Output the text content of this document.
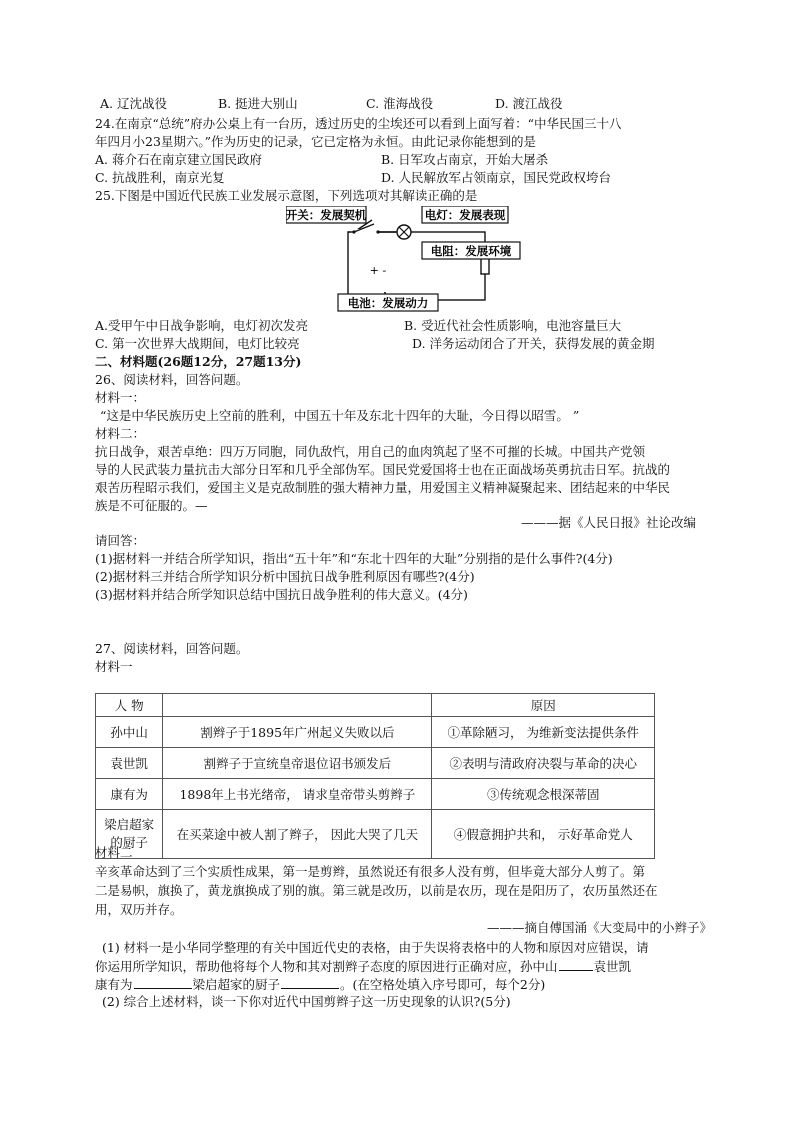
A. 辽沈战役	B. 挺进大别山	C. 淮海战役	D. 渡江战役
24.在南京“总统”府办公桌上有一台历，透过历史的尘埃还可以看到上面写着：“中华民国三十八
年四月小23星期六。”作为历史的记录，它已定格为永恒。由此记录你能想到的是
A. 蒋介石在南京建立国民政府	B. 日军攻占南京，开始大屠杀
C. 抗战胜利，南京光复	D. 人民解放军占领南京，国民党政权垮台
25.下图是中国近代民族工业发展示意图，下列选项对其解读正确的是
开关：发展契机	电灯：发展表现
电阻：发展环境
电池：发展动力
+ -
A.受甲午中日战争影响，电灯初次发亮	B. 受近代社会性质影响，电池容量巨大
C. 第一次世界大战期间，电灯比较亮	D. 洋务运动闭合了开关，获得发展的黄金期
二、材料题(26题12分，27题13分)
26、阅读材料，回答问题。
材料一：
“这是中华民族历史上空前的胜利，中国五十年及东北十四年的大耻，今日得以昭雪。 ”
材料二：
抗日战争，艰苦卓绝：四万万同胞，同仇敌忾，用自己的血肉筑起了坚不可摧的长城。中国共产党领
导的人民武装力量抗击大部分日军和几乎全部伪军。国民党爱国将士也在正面战场英勇抗击日军。抗战的
艰苦历程昭示我们，爱国主义是克敌制胜的强大精神力量，用爱国主义精神凝聚起来、团结起来的中华民
族是不可征服的。—
———据《人民日报》社论改编
请回答：
(1)据材料一并结合所学知识，指出“五十年”和“东北十四年的大耻”分别指的是什么事件?(4分)
(2)据材料三并结合所学知识分析中国抗日战争胜利原因有哪些?(4分)
(3)据材料并结合所学知识总结中国抗日战争胜利的伟大意义。(4分)
27、阅读材料，回答问题。
材料一
人 物		原因
孙中山	割辫子于1895年广州起义失败以后	①革除陋习， 为维新变法提供条件
袁世凯	割辫子于宣统皇帝退位诏书颁发后	②表明与清政府决裂与革命的决心
康有为	1898年上书光绪帝， 请求皇帝带头剪辫子	③传统观念根深蒂固
梁启超家的厨子	在买菜途中被人割了辫子， 因此大哭了几天	④假意拥护共和， 示好革命党人
材料二
辛亥革命达到了三个实质性成果，第一是剪辫，虽然说还有很多人没有剪，但毕竟大部分人剪了。第
二是易帜，旗换了，黄龙旗换成了别的旗。第三就是改历，以前是农历，现在是阳历了，农历虽然还在
用，双历并存。
———摘自傅国涌《大变局中的小辫子》
(1) 材料一是小华同学整理的有关中国近代史的表格，由于失误将表格中的人物和原因对应错误，请
你运用所学知识，帮助他将每个人物和其对割辫子态度的原因进行正确对应，孙中山	袁世凯
康有为	梁启超家的厨子	。(在空格处填入序号即可，每个2分)
(2) 综合上述材料，谈一下你对近代中国剪辫子这一历史现象的认识?(5分)
